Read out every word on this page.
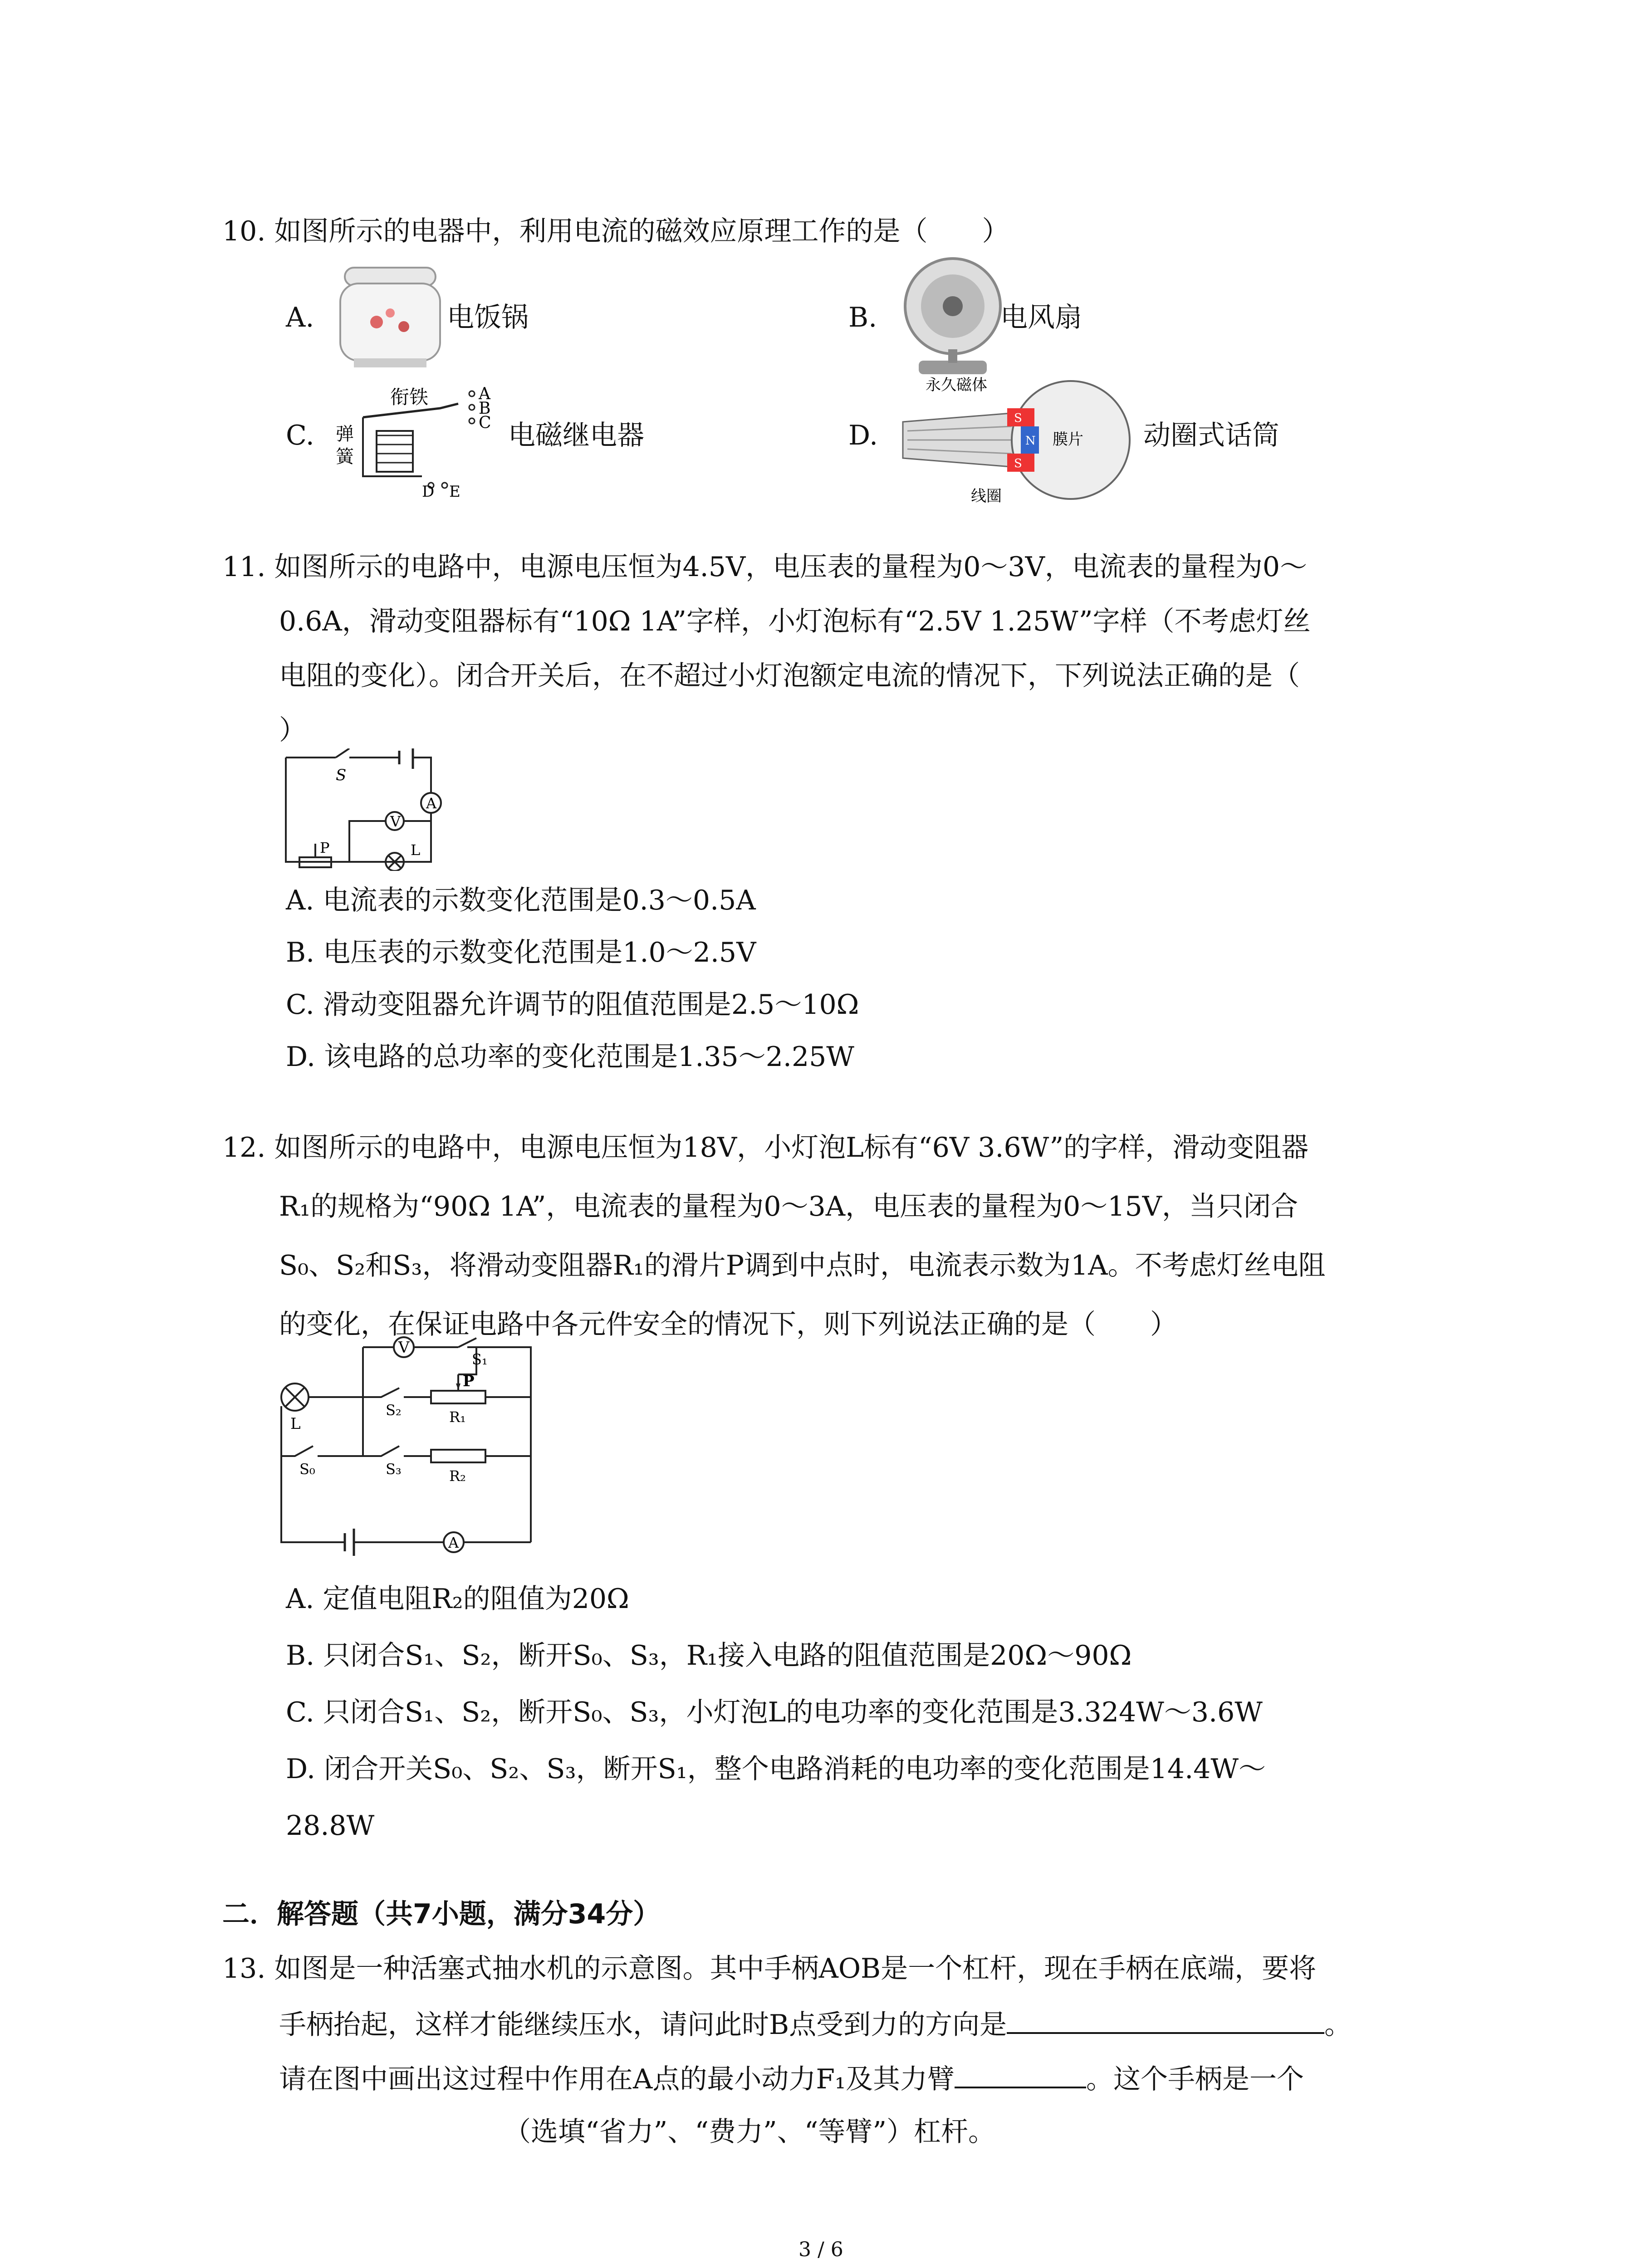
10. 如图所示的电器中，利用电流的磁效应原理工作的是（　　）
A.	电饭锅	B.	电风扇
C.
衔铁
弹
簧
A
B
C
D E
电磁继电器	D.
永久磁体
S
N
S
膜片
线圈
动圈式话筒
11. 如图所示的电路中，电源电压恒为4.5V，电压表的量程为0～3V，电流表的量程为0～
0.6A，滑动变阻器标有“10Ω 1A”字样，小灯泡标有“2.5V 1.25W”字样（不考虑灯丝
电阻的变化）。闭合开关后，在不超过小灯泡额定电流的情况下，下列说法正确的是（
）
S
A
V
P	L
A. 电流表的示数变化范围是0.3～0.5A
B. 电压表的示数变化范围是1.0～2.5V
C. 滑动变阻器允许调节的阻值范围是2.5～10Ω
D. 该电路的总功率的变化范围是1.35～2.25W
12. 如图所示的电路中，电源电压恒为18V，小灯泡L标有“6V 3.6W”的字样，滑动变阻器
R₁的规格为“90Ω 1A”，电流表的量程为0～3A，电压表的量程为0～15V，当只闭合
S₀、S₂和S₃，将滑动变阻器R₁的滑片P调到中点时，电流表示数为1A。不考虑灯丝电阻
的变化，在保证电路中各元件安全的情况下，则下列说法正确的是（　　）
V
S₁
P
L
S₂	R₁
S₀	S₃	R₂
A
A. 定值电阻R₂的阻值为20Ω
B. 只闭合S₁、S₂，断开S₀、S₃，R₁接入电路的阻值范围是20Ω～90Ω
C. 只闭合S₁、S₂，断开S₀、S₃，小灯泡L的电功率的变化范围是3.324W～3.6W
D. 闭合开关S₀、S₂、S₃，断开S₁，整个电路消耗的电功率的变化范围是14.4W～
28.8W
二．解答题（共7小题，满分34分）
13. 如图是一种活塞式抽水机的示意图。其中手柄AOB是一个杠杆，现在手柄在底端，要将
手柄抬起，这样才能继续压水，请问此时B点受到力的方向是	。
请在图中画出这过程中作用在A点的最小动力F₁及其力臂	。这个手柄是一个
（选填“省力”、“费力”、“等臂”）杠杆。
3 / 6
